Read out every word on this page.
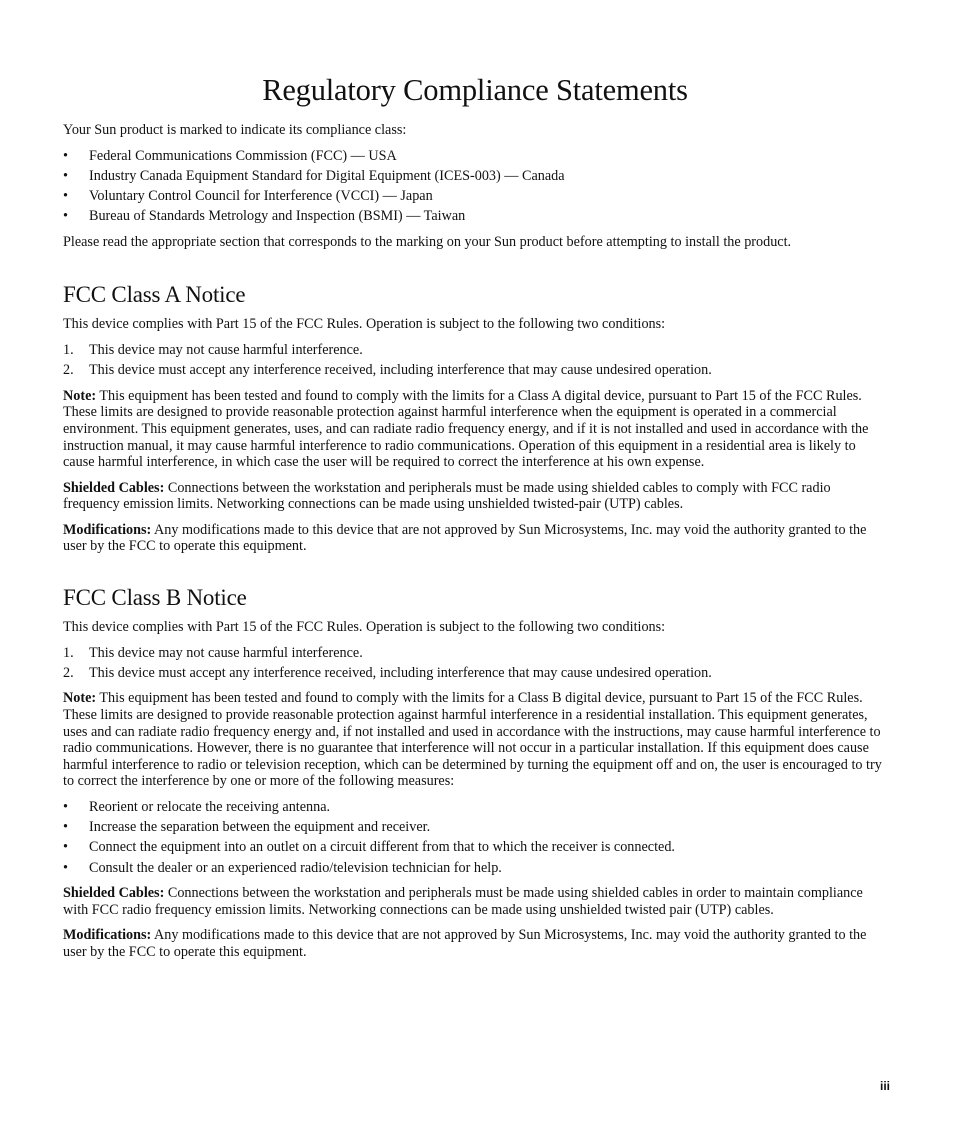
Regulatory Compliance Statements

Your Sun product is marked to indicate its compliance class:

• Federal Communications Commission (FCC) — USA
• Industry Canada Equipment Standard for Digital Equipment (ICES-003) — Canada
• Voluntary Control Council for Interference (VCCI) — Japan
• Bureau of Standards Metrology and Inspection (BSMI) — Taiwan

Please read the appropriate section that corresponds to the marking on your Sun product before attempting to install the product.

FCC Class A Notice

This device complies with Part 15 of the FCC Rules. Operation is subject to the following two conditions:

1. This device may not cause harmful interference.
2. This device must accept any interference received, including interference that may cause undesired operation.

Note: This equipment has been tested and found to comply with the limits for a Class A digital device, pursuant to Part 15 of the FCC Rules. These limits are designed to provide reasonable protection against harmful interference when the equipment is operated in a commercial environment. This equipment generates, uses, and can radiate radio frequency energy, and if it is not installed and used in accordance with the instruction manual, it may cause harmful interference to radio communications. Operation of this equipment in a residential area is likely to cause harmful interference, in which case the user will be required to correct the interference at his own expense.

Shielded Cables: Connections between the workstation and peripherals must be made using shielded cables to comply with FCC radio frequency emission limits. Networking connections can be made using unshielded twisted-pair (UTP) cables.

Modifications: Any modifications made to this device that are not approved by Sun Microsystems, Inc. may void the authority granted to the user by the FCC to operate this equipment.

FCC Class B Notice

This device complies with Part 15 of the FCC Rules. Operation is subject to the following two conditions:

1. This device may not cause harmful interference.
2. This device must accept any interference received, including interference that may cause undesired operation.

Note: This equipment has been tested and found to comply with the limits for a Class B digital device, pursuant to Part 15 of the FCC Rules. These limits are designed to provide reasonable protection against harmful interference in a residential installation. This equipment generates, uses and can radiate radio frequency energy and, if not installed and used in accordance with the instructions, may cause harmful interference to radio communications. However, there is no guarantee that interference will not occur in a particular installation. If this equipment does cause harmful interference to radio or television reception, which can be determined by turning the equipment off and on, the user is encouraged to try to correct the interference by one or more of the following measures:

• Reorient or relocate the receiving antenna.
• Increase the separation between the equipment and receiver.
• Connect the equipment into an outlet on a circuit different from that to which the receiver is connected.
• Consult the dealer or an experienced radio/television technician for help.

Shielded Cables: Connections between the workstation and peripherals must be made using shielded cables in order to maintain compliance with FCC radio frequency emission limits. Networking connections can be made using unshielded twisted pair (UTP) cables.

Modifications: Any modifications made to this device that are not approved by Sun Microsystems, Inc. may void the authority granted to the user by the FCC to operate this equipment.

iii
